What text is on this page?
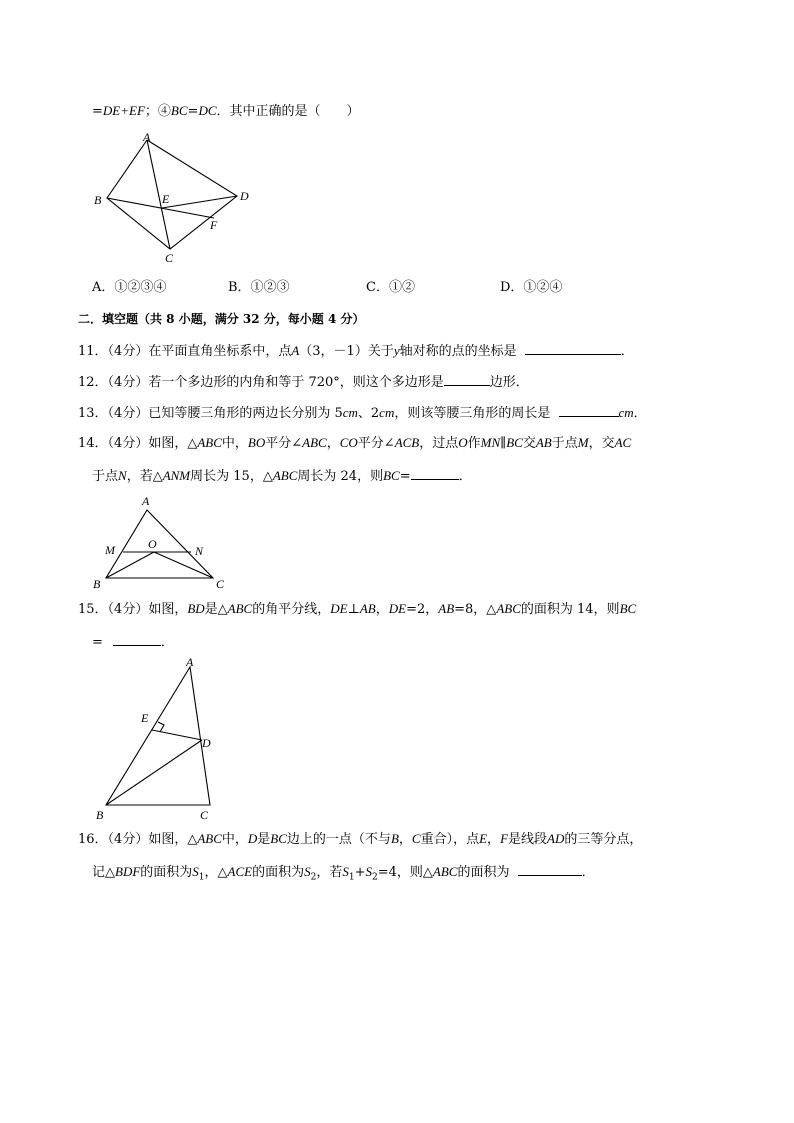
=DE+EF；④BC=DC．其中正确的是（　　）
A
B	E	D
F
C
A．①②③④	B．①②③	C．①②	D．①②④
二．填空题（共 8 小题，满分 32 分，每小题 4 分）
11．（4分）在平面直角坐标系中，点A（3，－1）关于y轴对称的点的坐标是	．
12．（4分）若一个多边形的内角和等于 720°，则这个多边形是	边形．
13．（4分）已知等腰三角形的两边长分别为 5cm、2cm，则该等腰三角形的周长是	cm．
14．（4分）如图，△ABC中，BO平分∠ABC，CO平分∠ACB，过点O作MN∥BC交AB于点M，交AC
于点N，若△ANM周长为 15，△ABC周长为 24，则BC=	．
A
M	O	N
B	C
15．（4分）如图，BD是△ABC的角平分线，DE⊥AB，DE=2，AB=8，△ABC的面积为 14，则BC
=	．
A
E
D
B	C
16．（4分）如图，△ABC中，D是BC边上的一点（不与B，C重合），点E，F是线段AD的三等分点，
记△BDF的面积为$S_1$，△ACE的面积为$S_2$，若$S_1+S_2=4$，则△ABC的面积为	．
